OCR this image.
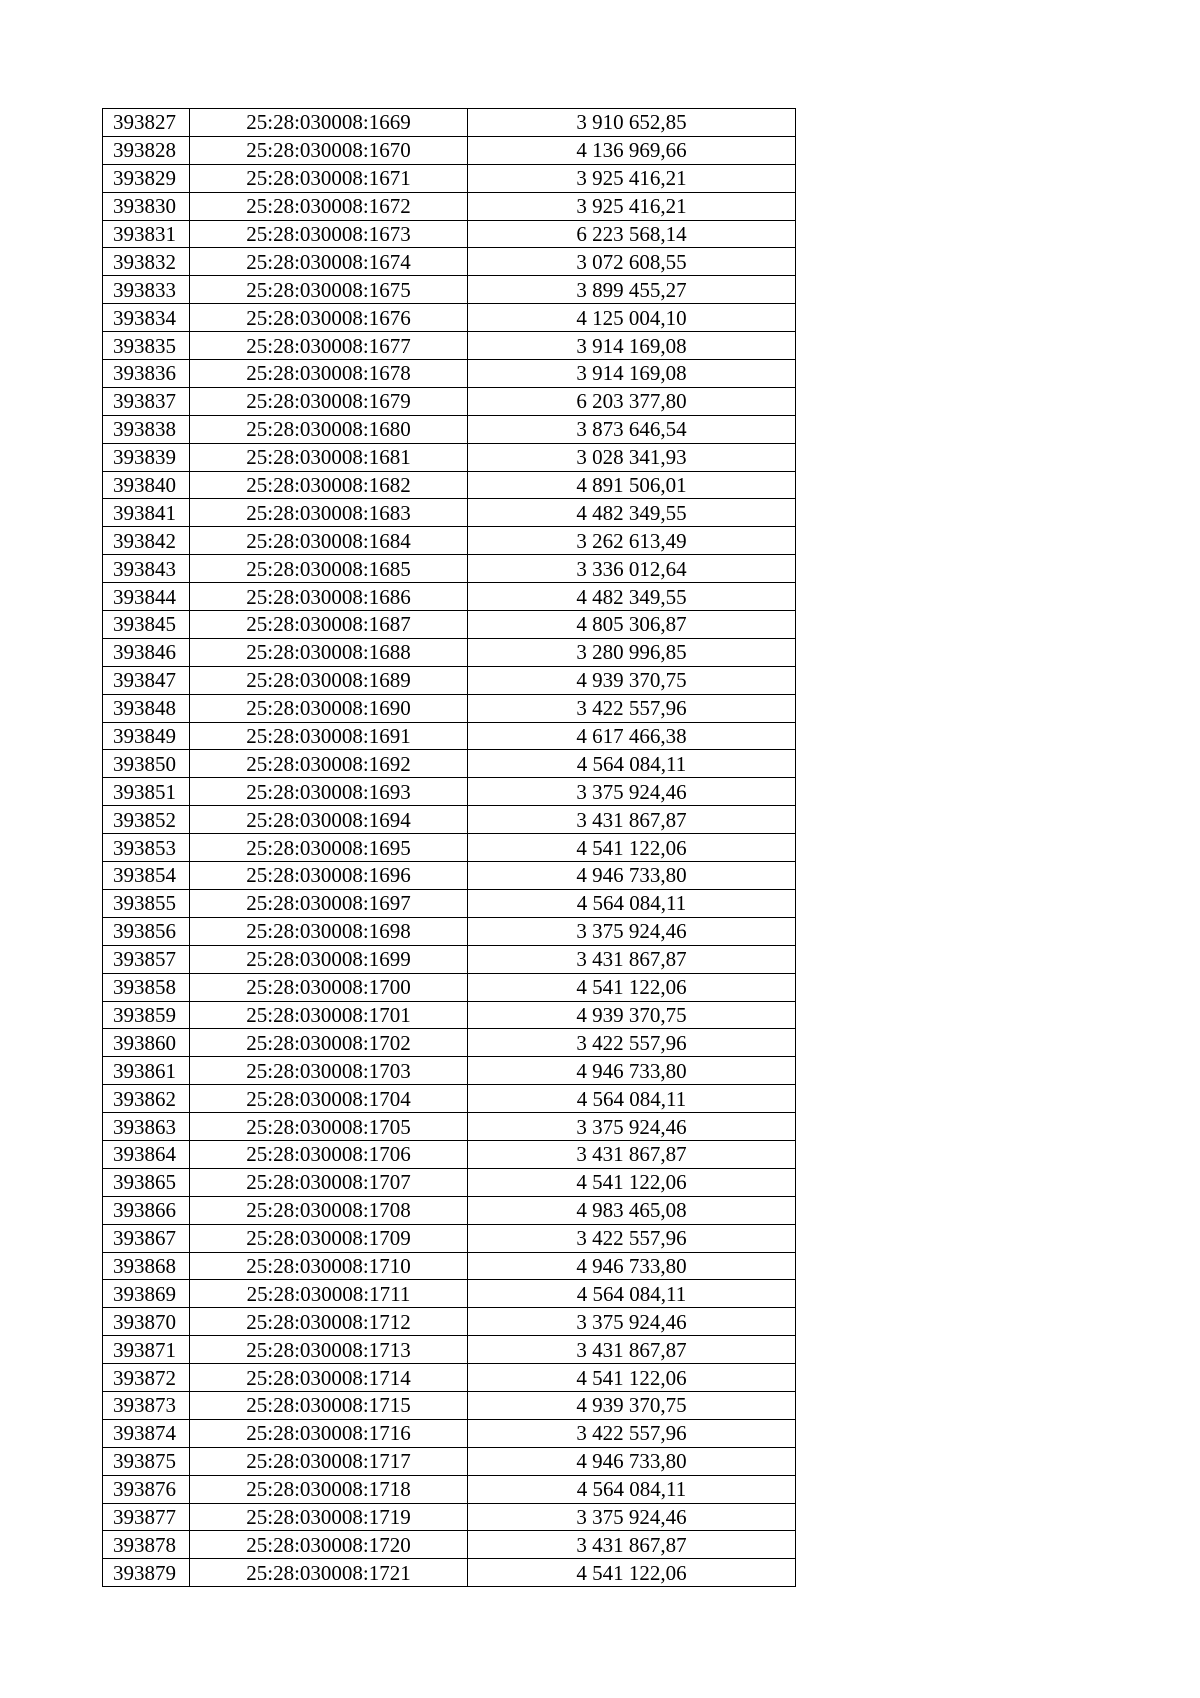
393827	25:28:030008:1669	3 910 652,85
393828	25:28:030008:1670	4 136 969,66
393829	25:28:030008:1671	3 925 416,21
393830	25:28:030008:1672	3 925 416,21
393831	25:28:030008:1673	6 223 568,14
393832	25:28:030008:1674	3 072 608,55
393833	25:28:030008:1675	3 899 455,27
393834	25:28:030008:1676	4 125 004,10
393835	25:28:030008:1677	3 914 169,08
393836	25:28:030008:1678	3 914 169,08
393837	25:28:030008:1679	6 203 377,80
393838	25:28:030008:1680	3 873 646,54
393839	25:28:030008:1681	3 028 341,93
393840	25:28:030008:1682	4 891 506,01
393841	25:28:030008:1683	4 482 349,55
393842	25:28:030008:1684	3 262 613,49
393843	25:28:030008:1685	3 336 012,64
393844	25:28:030008:1686	4 482 349,55
393845	25:28:030008:1687	4 805 306,87
393846	25:28:030008:1688	3 280 996,85
393847	25:28:030008:1689	4 939 370,75
393848	25:28:030008:1690	3 422 557,96
393849	25:28:030008:1691	4 617 466,38
393850	25:28:030008:1692	4 564 084,11
393851	25:28:030008:1693	3 375 924,46
393852	25:28:030008:1694	3 431 867,87
393853	25:28:030008:1695	4 541 122,06
393854	25:28:030008:1696	4 946 733,80
393855	25:28:030008:1697	4 564 084,11
393856	25:28:030008:1698	3 375 924,46
393857	25:28:030008:1699	3 431 867,87
393858	25:28:030008:1700	4 541 122,06
393859	25:28:030008:1701	4 939 370,75
393860	25:28:030008:1702	3 422 557,96
393861	25:28:030008:1703	4 946 733,80
393862	25:28:030008:1704	4 564 084,11
393863	25:28:030008:1705	3 375 924,46
393864	25:28:030008:1706	3 431 867,87
393865	25:28:030008:1707	4 541 122,06
393866	25:28:030008:1708	4 983 465,08
393867	25:28:030008:1709	3 422 557,96
393868	25:28:030008:1710	4 946 733,80
393869	25:28:030008:1711	4 564 084,11
393870	25:28:030008:1712	3 375 924,46
393871	25:28:030008:1713	3 431 867,87
393872	25:28:030008:1714	4 541 122,06
393873	25:28:030008:1715	4 939 370,75
393874	25:28:030008:1716	3 422 557,96
393875	25:28:030008:1717	4 946 733,80
393876	25:28:030008:1718	4 564 084,11
393877	25:28:030008:1719	3 375 924,46
393878	25:28:030008:1720	3 431 867,87
393879	25:28:030008:1721	4 541 122,06
